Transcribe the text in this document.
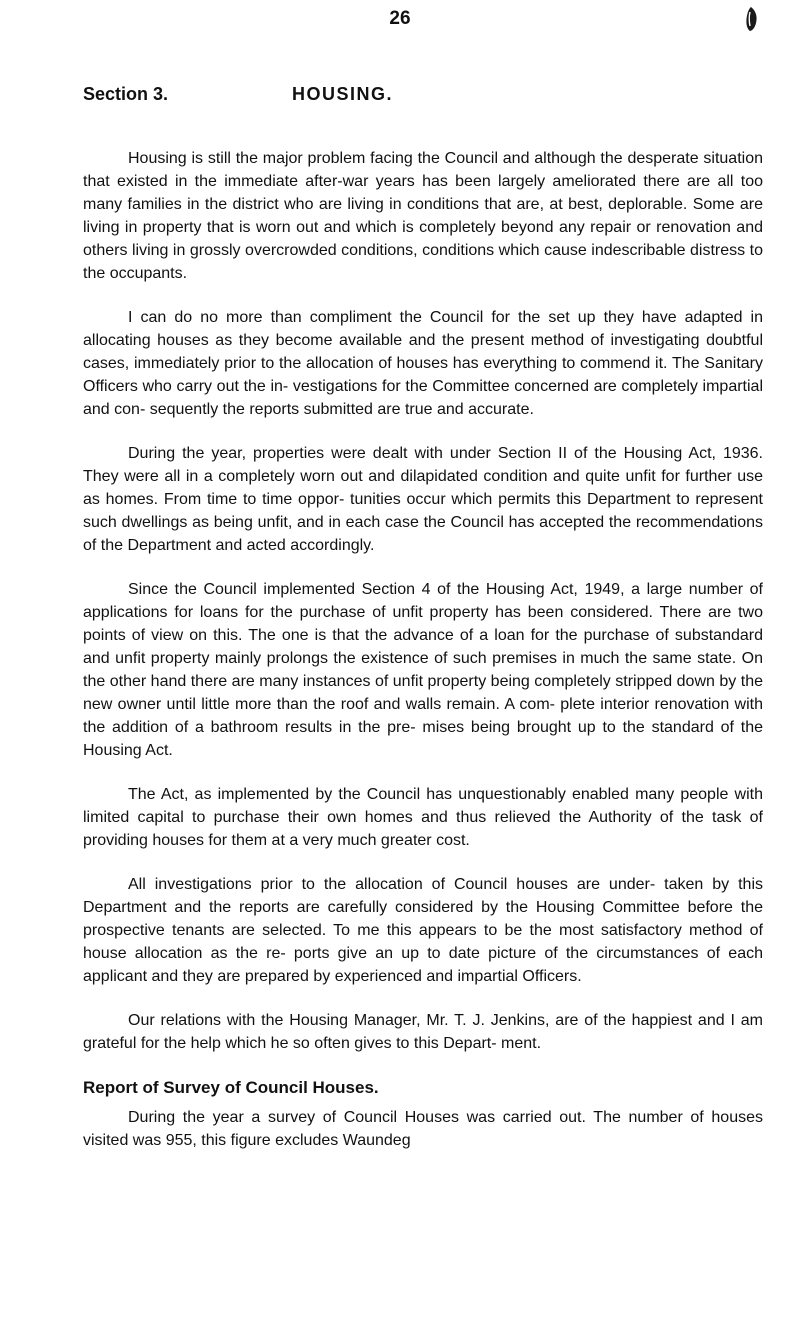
26
Section 3.	HOUSING.

Housing is still the major problem facing the Council and although the desperate situation that existed in the immediate after-war years has been largely ameliorated there are all too many families in the district who are living in conditions that are, at best, deplorable. Some are living in property that is worn out and which is completely beyond any repair or renovation and others living in grossly overcrowded conditions, conditions which cause indescribable distress to the occupants.

I can do no more than compliment the Council for the set up they have adapted in allocating houses as they become available and the present method of investigating doubtful cases, immediately prior to the allocation of houses has everything to commend it. The Sanitary Officers who carry out the in- vestigations for the Committee concerned are completely impartial and con- sequently the reports submitted are true and accurate.

During the year, properties were dealt with under Section II of the Housing Act, 1936. They were all in a completely worn out and dilapidated condition and quite unfit for further use as homes. From time to time oppor- tunities occur which permits this Department to represent such dwellings as being unfit, and in each case the Council has accepted the recommendations of the Department and acted accordingly.

Since the Council implemented Section 4 of the Housing Act, 1949, a large number of applications for loans for the purchase of unfit property has been considered. There are two points of view on this. The one is that the advance of a loan for the purchase of substandard and unfit property mainly prolongs the existence of such premises in much the same state. On the other hand there are many instances of unfit property being completely stripped down by the new owner until little more than the roof and walls remain. A com- plete interior renovation with the addition of a bathroom results in the pre- mises being brought up to the standard of the Housing Act.

The Act, as implemented by the Council has unquestionably enabled many people with limited capital to purchase their own homes and thus relieved the Authority of the task of providing houses for them at a very much greater cost.

All investigations prior to the allocation of Council houses are under- taken by this Department and the reports are carefully considered by the Housing Committee before the prospective tenants are selected. To me this appears to be the most satisfactory method of house allocation as the re- ports give an up to date picture of the circumstances of each applicant and they are prepared by experienced and impartial Officers.

Our relations with the Housing Manager, Mr. T. J. Jenkins, are of the happiest and I am grateful for the help which he so often gives to this Depart- ment.

Report of Survey of Council Houses.

During the year a survey of Council Houses was carried out. The number of houses visited was 955, this figure excludes Waundeg
